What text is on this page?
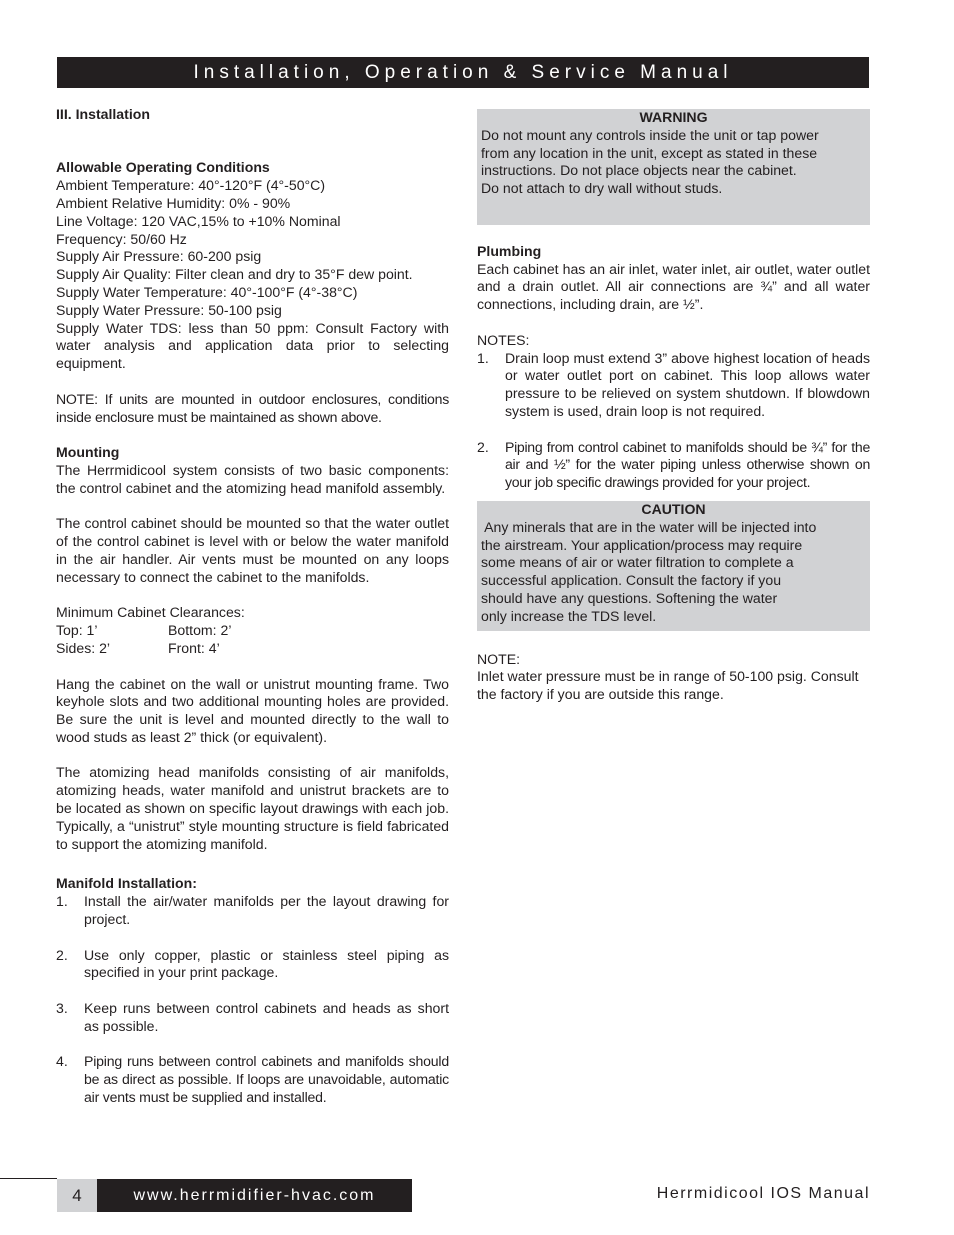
Installation, Operation & Service Manual

III. Installation

Allowable Operating Conditions

Ambient Temperature: 40°-120°F (4°-50°C)

Ambient Relative Humidity: 0% - 90%

Line Voltage: 120 VAC,15% to +10% Nominal

Frequency: 50/60 Hz

Supply Air Pressure: 60-200 psig

Supply Air Quality: Filter clean and dry to 35°F dew point.

Supply Water Temperature: 40°-100°F (4°-38°C)

Supply Water Pressure: 50-100 psig

Supply Water TDS: less than 50 ppm: Consult Factory with water analysis and application data prior to selecting equipment.

NOTE: If units are mounted in outdoor enclosures, conditions inside enclosure must be maintained as shown above.

Mounting

The Herrmidicool system consists of two basic components: the control cabinet and the atomizing head manifold assembly.

The control cabinet should be mounted so that the water outlet of the control cabinet is level with or below the water manifold in the air handler. Air vents must be mounted on any loops necessary to connect the cabinet to the manifolds.

Minimum Cabinet Clearances:

Top: 1’	Bottom: 2’
Sides: 2’	Front: 4’

Hang the cabinet on the wall or unistrut mounting frame. Two keyhole slots and two additional mounting holes are provided. Be sure the unit is level and mounted directly to the wall to wood studs as least 2” thick (or equivalent).

The atomizing head manifolds consisting of air manifolds, atomizing heads, water manifold and unistrut brackets are to be located as shown on specific layout drawings with each job. Typically, a “unistrut” style mounting structure is field fabricated to support the atomizing manifold.

Manifold Installation:

1.	Install the air/water manifolds per the layout drawing for project.
2.	Use only copper, plastic or stainless steel piping as specified in your print package.
3.	Keep runs between control cabinets and heads as short as possible.
4.	Piping runs between control cabinets and manifolds should be as direct as possible. If loops are unavoidable, automatic air vents must be supplied and installed.

WARNING

Do not mount any controls inside the unit or tap power

from any location in the unit, except as stated in these

instructions. Do not place objects near the cabinet.

Do not attach to dry wall without studs.

Plumbing

Each cabinet has an air inlet, water inlet, air outlet, water outlet and a drain outlet. All air connections are ¾” and all water connections, including drain, are ½”.

NOTES:

1.	Drain loop must extend 3” above highest location of heads or water outlet port on cabinet. This loop allows water pressure to be relieved on system shutdown. If blowdown system is used, drain loop is not required.
2.	Piping from control cabinet to manifolds should be ¾” for the air and ½” for the water piping unless otherwise shown on your job specific drawings provided for your project.

CAUTION

Any minerals that are in the water will be injected into

the airstream. Your application/process may require

some means of air or water filtration to complete a

successful application. Consult the factory if you

should have any questions. Softening the water

only increase the TDS level.

NOTE:

Inlet water pressure must be in range of 50-100 psig. Consult the factory if you are outside this range.

4	www.herrmidifier-hvac.com	Herrmidicool IOS Manual
